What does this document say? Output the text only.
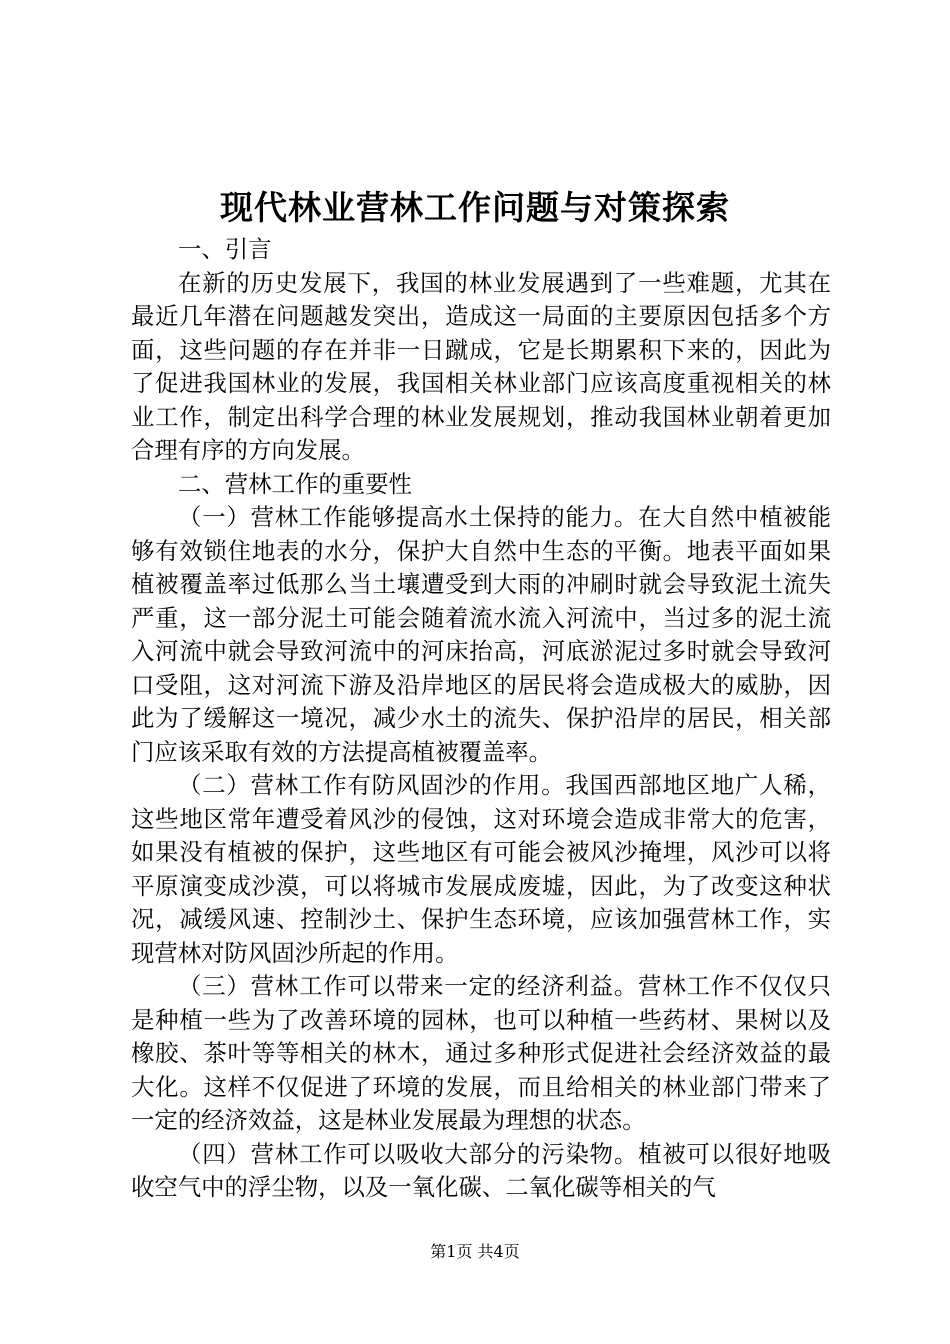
现代林业营林工作问题与对策探索

一、引言

在新的历史发展下，我国的林业发展遇到了一些难题，尤其在最近几年潜在问题越发突出，造成这一局面的主要原因包括多个方面，这些问题的存在并非一日蹴成，它是长期累积下来的，因此为了促进我国林业的发展，我国相关林业部门应该高度重视相关的林业工作，制定出科学合理的林业发展规划，推动我国林业朝着更加合理有序的方向发展。

二、营林工作的重要性

（一）营林工作能够提高水土保持的能力。在大自然中植被能够有效锁住地表的水分，保护大自然中生态的平衡。地表平面如果植被覆盖率过低那么当土壤遭受到大雨的冲刷时就会导致泥土流失严重，这一部分泥土可能会随着流水流入河流中，当过多的泥土流入河流中就会导致河流中的河床抬高，河底淤泥过多时就会导致河口受阻，这对河流下游及沿岸地区的居民将会造成极大的威胁，因此为了缓解这一境况，减少水土的流失、保护沿岸的居民，相关部门应该采取有效的方法提高植被覆盖率。

（二）营林工作有防风固沙的作用。我国西部地区地广人稀，这些地区常年遭受着风沙的侵蚀，这对环境会造成非常大的危害，如果没有植被的保护，这些地区有可能会被风沙掩埋，风沙可以将平原演变成沙漠，可以将城市发展成废墟，因此，为了改变这种状况，减缓风速、控制沙土、保护生态环境，应该加强营林工作，实现营林对防风固沙所起的作用。

（三）营林工作可以带来一定的经济利益。营林工作不仅仅只是种植一些为了改善环境的园林，也可以种植一些药材、果树以及橡胶、茶叶等等相关的林木，通过多种形式促进社会经济效益的最大化。这样不仅促进了环境的发展，而且给相关的林业部门带来了一定的经济效益，这是林业发展最为理想的状态。

（四）营林工作可以吸收大部分的污染物。植被可以很好地吸收空气中的浮尘物，以及一氧化碳、二氧化碳等相关的气

第1页 共4页
